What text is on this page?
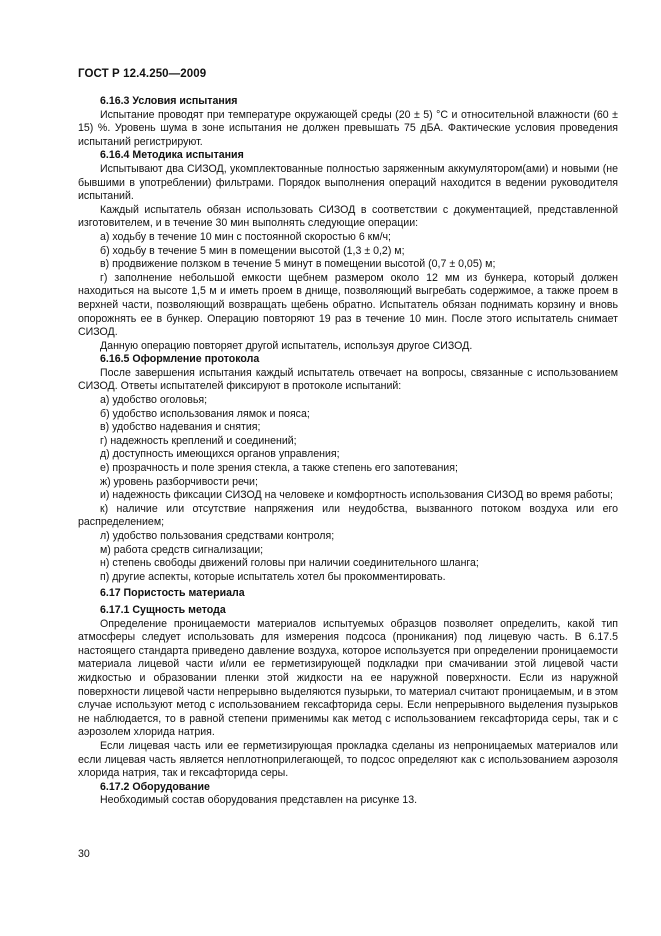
ГОСТ Р 12.4.250—2009

6.16.3 Условия испытания

Испытание проводят при температуре окружающей среды (20 ± 5) °С и относительной влажности (60 ± 15) %. Уровень шума в зоне испытания не должен превышать 75 дБА. Фактические условия проведения испытаний регистрируют.

6.16.4 Методика испытания

Испытывают два СИЗОД, укомплектованные полностью заряженным аккумулятором(ами) и новыми (не бывшими в употреблении) фильтрами. Порядок выполнения операций находится в ведении руководителя испытаний.

Каждый испытатель обязан использовать СИЗОД в соответствии с документацией, представленной изготовителем, и в течение 30 мин выполнять следующие операции:

а) ходьбу в течение 10 мин с постоянной скоростью 6 км/ч;

б) ходьбу в течение 5 мин в помещении высотой (1,3 ± 0,2) м;

в) продвижение ползком в течение 5 минут в помещении высотой (0,7 ± 0,05) м;

г) заполнение небольшой емкости щебнем размером около 12 мм из бункера, который должен находиться на высоте 1,5 м и иметь проем в днище, позволяющий выгребать содержимое, а также проем в верхней части, позволяющий возвращать щебень обратно. Испытатель обязан поднимать корзину и вновь опорожнять ее в бункер. Операцию повторяют 19 раз в течение 10 мин. После этого испытатель снимает СИЗОД.

Данную операцию повторяет другой испытатель, используя другое СИЗОД.

6.16.5 Оформление протокола

После завершения испытания каждый испытатель отвечает на вопросы, связанные с использованием СИЗОД. Ответы испытателей фиксируют в протоколе испытаний:

а) удобство оголовья;

б) удобство использования лямок и пояса;

в) удобство надевания и снятия;

г) надежность креплений и соединений;

д) доступность имеющихся органов управления;

е) прозрачность и поле зрения стекла, а также степень его запотевания;

ж) уровень разборчивости речи;

и) надежность фиксации СИЗОД на человеке и комфортность использования СИЗОД во время работы;

к) наличие или отсутствие напряжения или неудобства, вызванного потоком воздуха или его распределением;

л) удобство пользования средствами контроля;

м) работа средств сигнализации;

н) степень свободы движений головы при наличии соединительного шланга;

п) другие аспекты, которые испытатель хотел бы прокомментировать.

6.17 Пористость материала

6.17.1 Сущность метода

Определение проницаемости материалов испытуемых образцов позволяет определить, какой тип атмосферы следует использовать для измерения подсоса (проникания) под лицевую часть. В 6.17.5 настоящего стандарта приведено давление воздуха, которое используется при определении проницаемости материала лицевой части и/или ее герметизирующей подкладки при смачивании этой лицевой части жидкостью и образовании пленки этой жидкости на ее наружной поверхности. Если из наружной поверхности лицевой части непрерывно выделяются пузырьки, то материал считают проницаемым, и в этом случае используют метод с использованием гексафторида серы. Если непрерывного выделения пузырьков не наблюдается, то в равной степени применимы как метод с использованием гексафторида серы, так и с аэрозолем хлорида натрия.

Если лицевая часть или ее герметизирующая прокладка сделаны из непроницаемых материалов или если лицевая часть является неплотноприлегающей, то подсос определяют как с использованием аэрозоля хлорида натрия, так и гексафторида серы.

6.17.2 Оборудование

Необходимый состав оборудования представлен на рисунке 13.

30
